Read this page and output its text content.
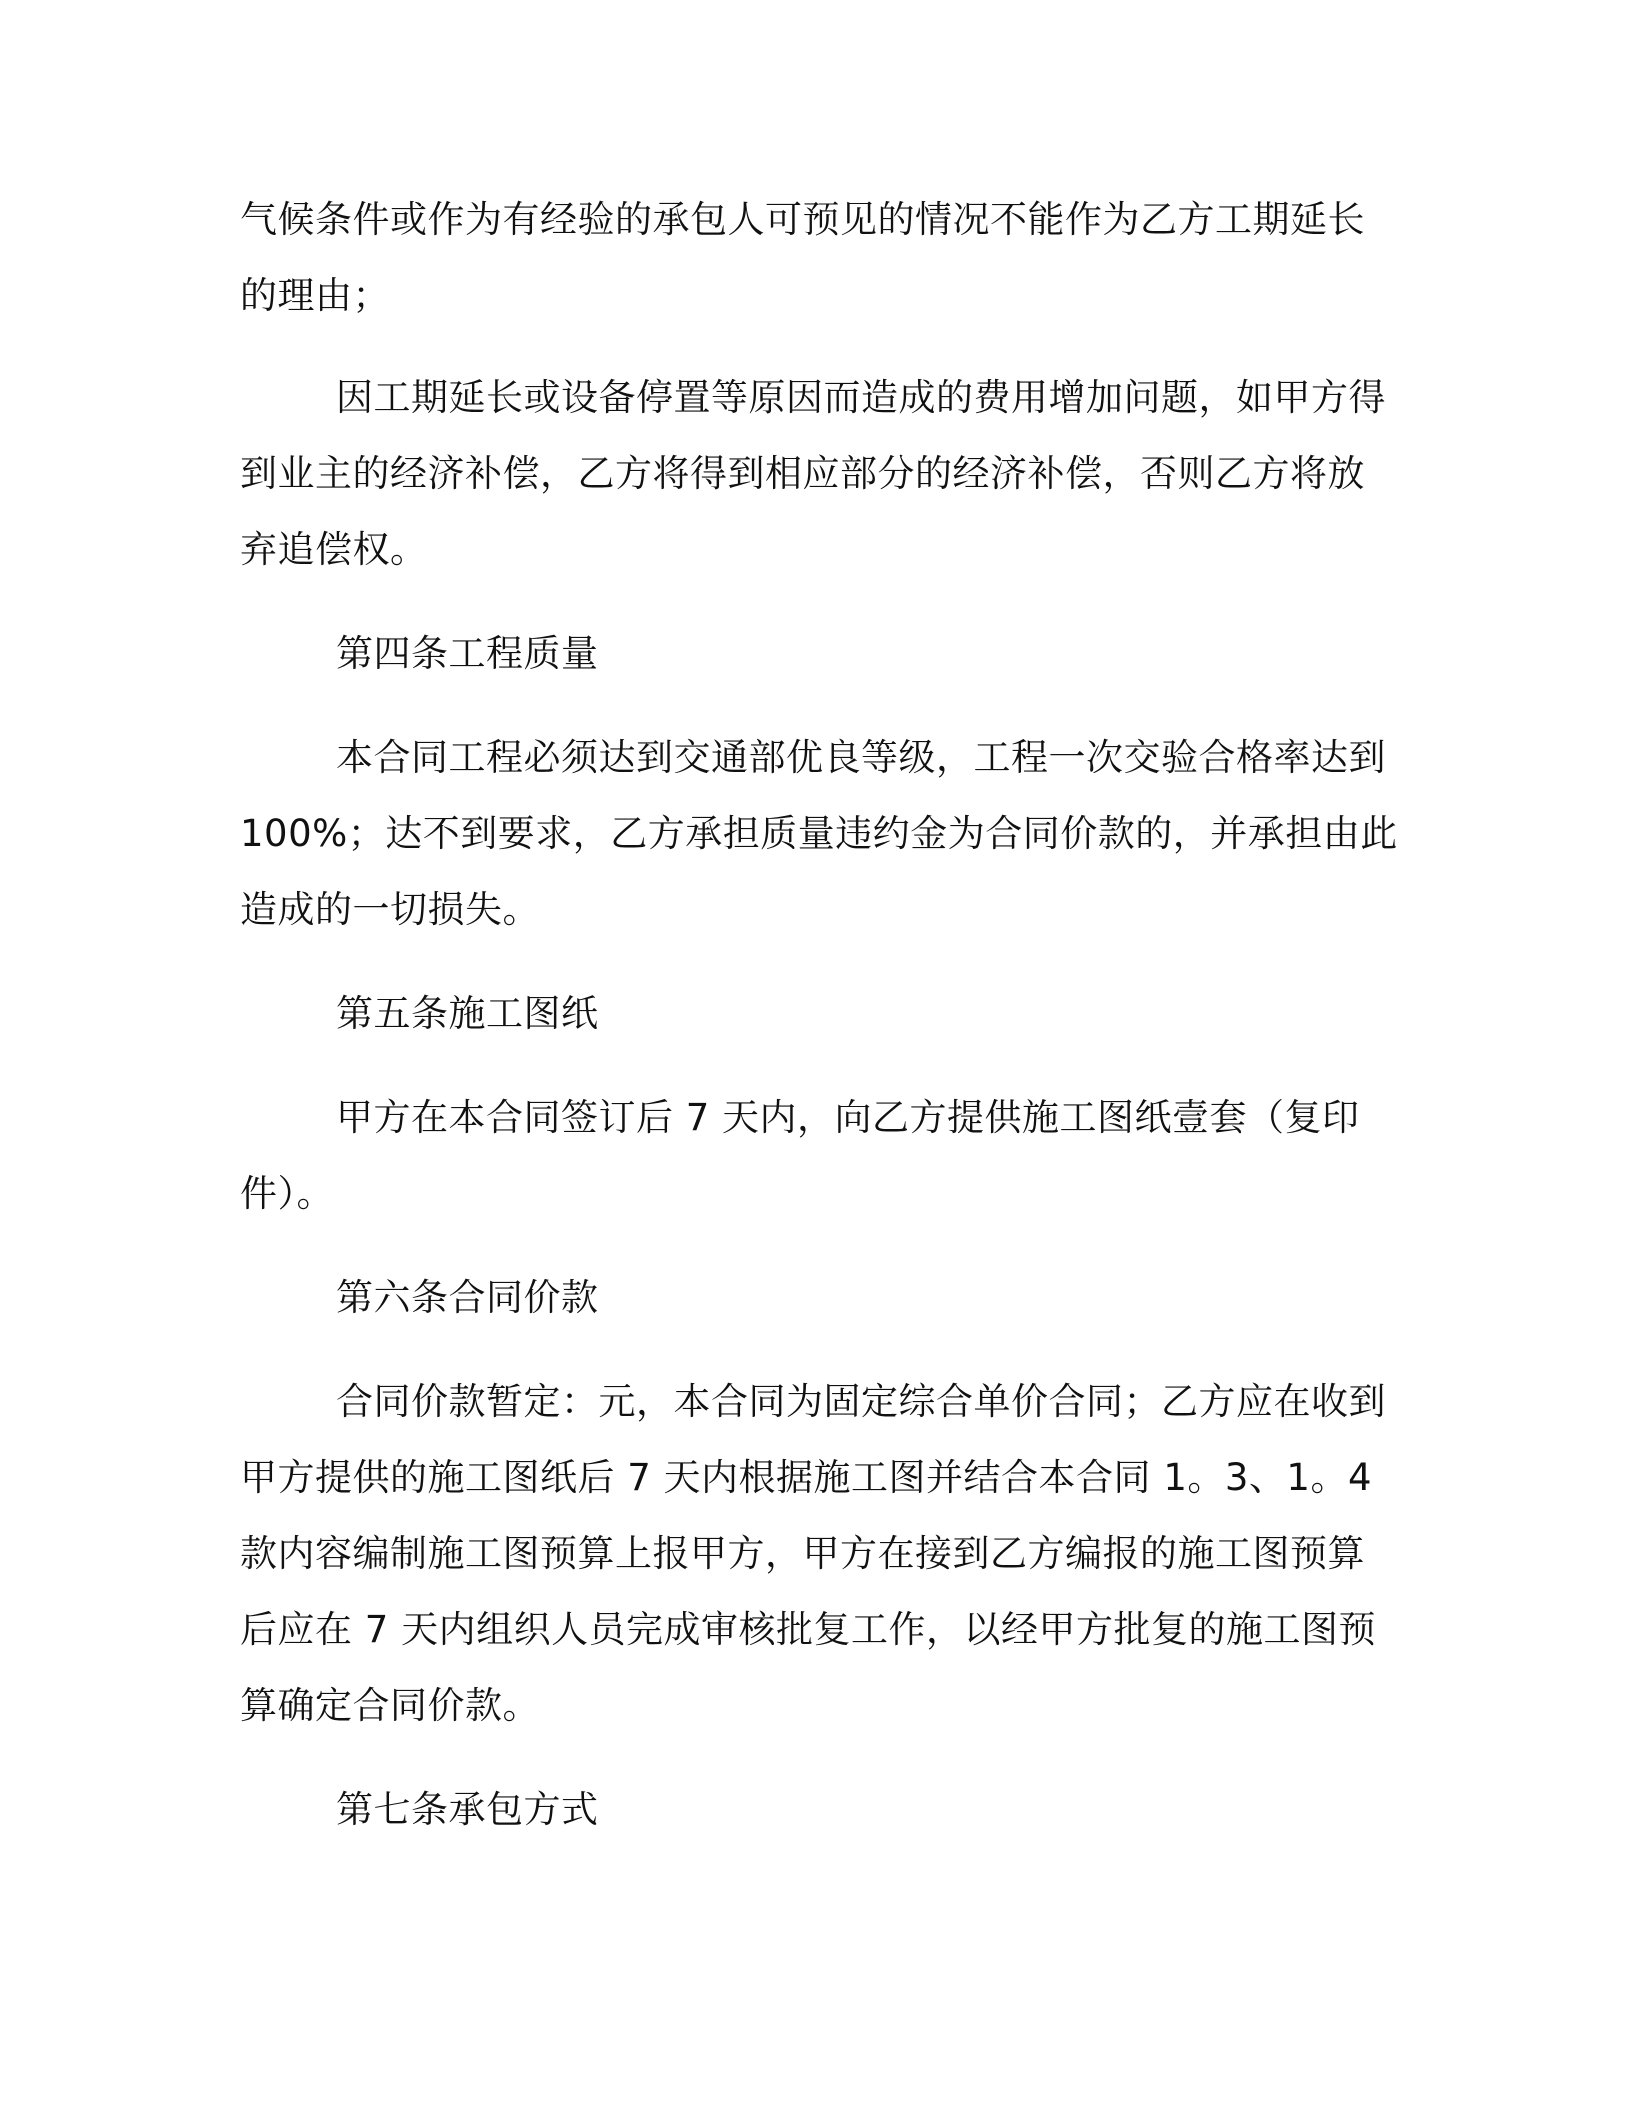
气候条件或作为有经验的承包人可预见的情况不能作为乙方工期延长
的理由；
因工期延长或设备停置等原因而造成的费用增加问题，如甲方得
到业主的经济补偿，乙方将得到相应部分的经济补偿，否则乙方将放
弃追偿权。
第四条工程质量
本合同工程必须达到交通部优良等级，工程一次交验合格率达到
100%；达不到要求，乙方承担质量违约金为合同价款的，并承担由此
造成的一切损失。
第五条施工图纸
甲方在本合同签订后 7 天内，向乙方提供施工图纸壹套（复印
件）。
第六条合同价款
合同价款暂定：元，本合同为固定综合单价合同；乙方应在收到
甲方提供的施工图纸后 7 天内根据施工图并结合本合同 1。3、1。4
款内容编制施工图预算上报甲方，甲方在接到乙方编报的施工图预算
后应在 7 天内组织人员完成审核批复工作，以经甲方批复的施工图预
算确定合同价款。
第七条承包方式
